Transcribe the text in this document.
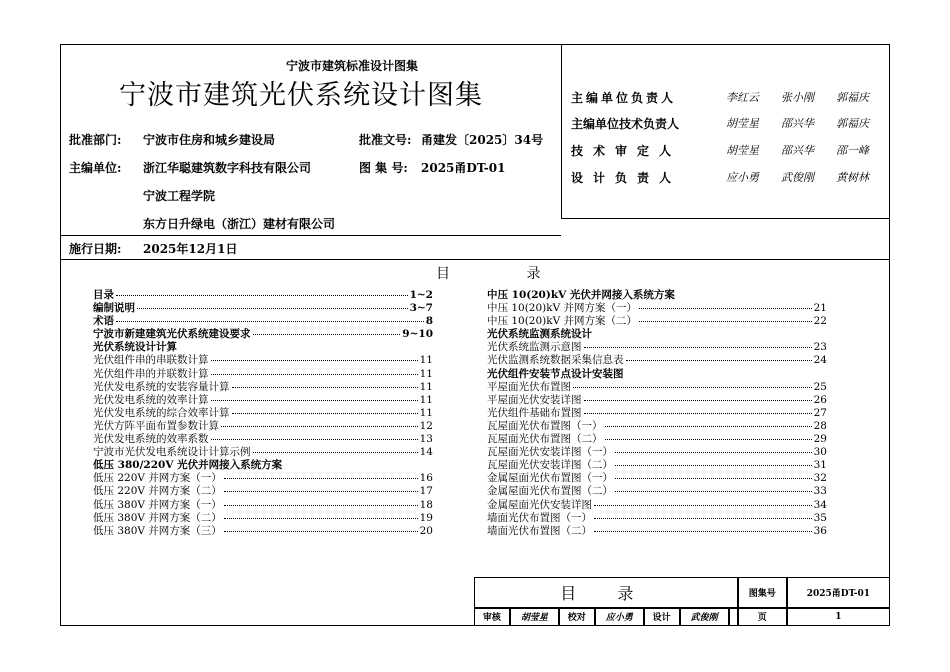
宁波市建筑标准设计图集
宁波市建筑光伏系统设计图集
批准部门: 宁波市住房和城乡建设局	批准文号: 甬建发〔2025〕34号
主编单位: 浙江华聪建筑数字科技有限公司	图 集 号: 2025甬DT-01
宁波工程学院
东方日升绿电（浙江）建材有限公司
施行日期: 2025年12月1日
主编单位负责人	李红云 张小刚 郭福庆
主编单位技术负责人	胡莹星 邵兴华 郭福庆
技术审定人	胡莹星 邵兴华 邵一峰
设计负责人	应小勇 武俊刚 黄树林
目 录
目录	1~2
编制说明	3~7
术语	8
宁波市新建建筑光伏系统建设要求	9~10
光伏系统设计计算
光伏组件串的串联数计算	11
光伏组件串的并联数计算	11
光伏发电系统的安装容量计算	11
光伏发电系统的效率计算	11
光伏发电系统的综合效率计算	11
光伏方阵平面布置参数计算	12
光伏发电系统的效率系数	13
宁波市光伏发电系统设计计算示例	14
低压 380/220V 光伏并网接入系统方案
低压 220V 并网方案（一）	16
低压 220V 并网方案（二）	17
低压 380V 并网方案（一）	18
低压 380V 并网方案（二）	19
低压 380V 并网方案（三）	20
中压 10(20)kV 光伏并网接入系统方案
中压 10(20)kV 并网方案（一）	21
中压 10(20)kV 并网方案（二）	22
光伏系统监测系统设计
光伏系统监测示意图	23
光伏监测系统数据采集信息表	24
光伏组件安装节点设计安装图
平屋面光伏布置图	25
平屋面光伏安装详图	26
光伏组件基础布置图	27
瓦屋面光伏布置图（一）	28
瓦屋面光伏布置图（二）	29
瓦屋面光伏安装详图（一）	30
瓦屋面光伏安装详图（二）	31
金属屋面光伏布置图（一）	32
金属屋面光伏布置图（二）	33
金属屋面光伏安装详图	34
墙面光伏布置图（一）	35
墙面光伏布置图（二）	36
目 录							图集号	2025甬DT-01
审核	胡莹星	校对	应小勇	设计	武俊刚		页	1
